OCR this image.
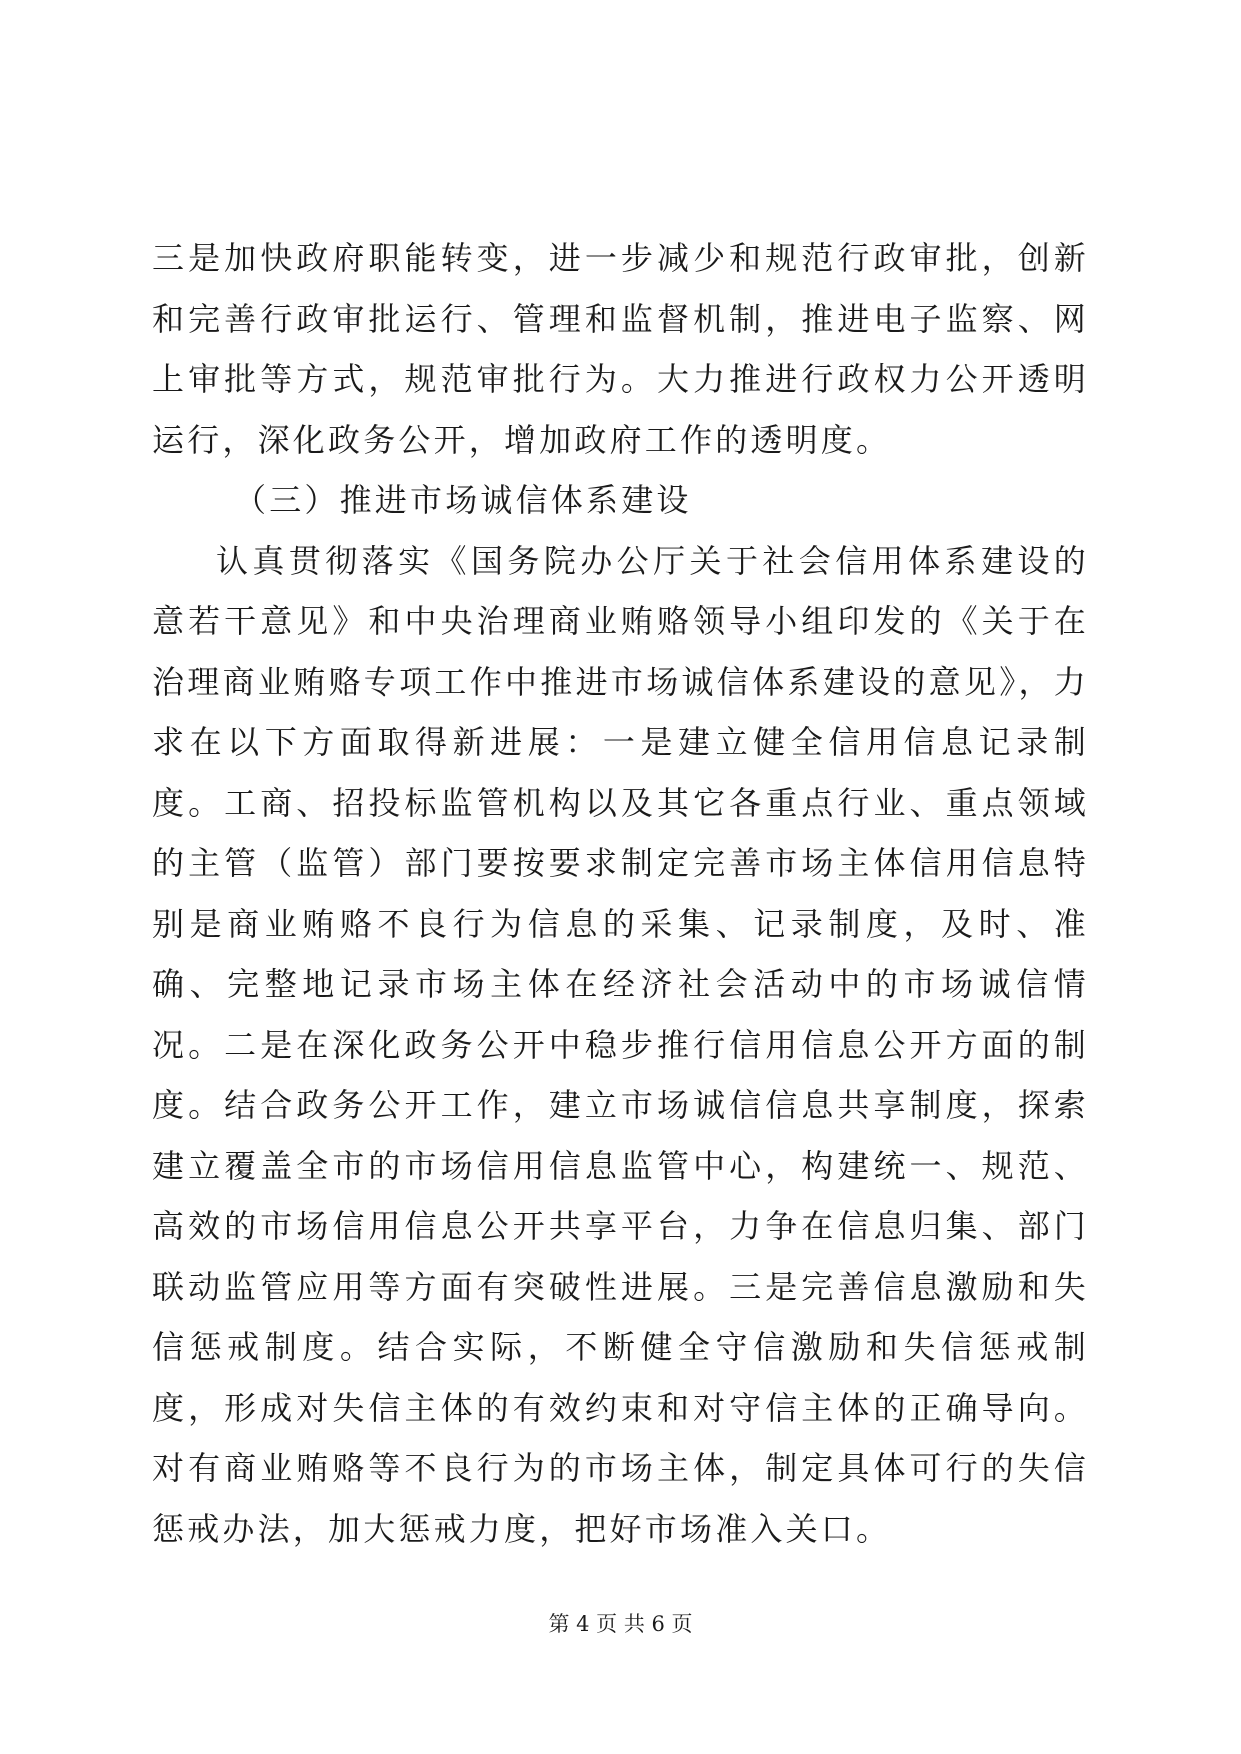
三是加快政府职能转变，进一步减少和规范行政审批，创新和完善行政审批运行、管理和监督机制，推进电子监察、网上审批等方式，规范审批行为。大力推进行政权力公开透明运行，深化政务公开，增加政府工作的透明度。

（三）推进市场诚信体系建设

认真贯彻落实《国务院办公厅关于社会信用体系建设的意若干意见》和中央治理商业贿赂领导小组印发的《关于在治理商业贿赂专项工作中推进市场诚信体系建设的意见》，力求在以下方面取得新进展：一是建立健全信用信息记录制度。工商、招投标监管机构以及其它各重点行业、重点领域的主管（监管）部门要按要求制定完善市场主体信用信息特别是商业贿赂不良行为信息的采集、记录制度，及时、准确、完整地记录市场主体在经济社会活动中的市场诚信情况。二是在深化政务公开中稳步推行信用信息公开方面的制度。结合政务公开工作，建立市场诚信信息共享制度，探索建立覆盖全市的市场信用信息监管中心，构建统一、规范、高效的市场信用信息公开共享平台，力争在信息归集、部门联动监管应用等方面有突破性进展。三是完善信息激励和失信惩戒制度。结合实际，不断健全守信激励和失信惩戒制度，形成对失信主体的有效约束和对守信主体的正确导向。对有商业贿赂等不良行为的市场主体，制定具体可行的失信惩戒办法，加大惩戒力度，把好市场准入关口。

第 4 页 共 6 页
